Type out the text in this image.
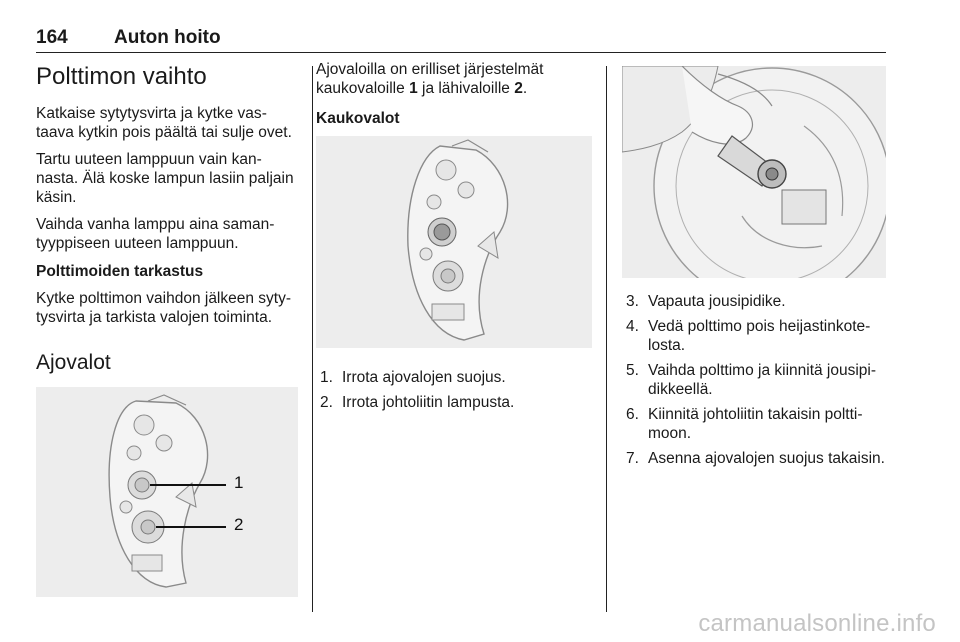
164 Auton hoito
Polttimon vaihto

Katkaise sytytysvirta ja kytke vastaava kytkin pois päältä tai sulje ovet.

Tartu uuteen lamppuun vain kannasta. Älä koske lampun lasiin paljain käsin.

Vaihda vanha lamppu aina samantyyppiseen uuteen lamppuun.

Polttimoiden tarkastus

Kytke polttimon vaihdon jälkeen sytytysvirta ja tarkista valojen toiminta.

Ajovalot
1
2

Ajovaloilla on erilliset järjestelmät kaukovaloille 1 ja lähivaloille 2.

Kaukovalot
1. Irrota ajovalojen suojus.
2. Irrota johtoliitin lampusta.
3. Vapauta jousipidike.
4. Vedä polttimo pois heijastinkotelosta.
5. Vaihda polttimo ja kiinnitä jousipidikkeellä.
6. Kiinnitä johtoliitin takaisin polttimoon.
7. Asenna ajovalojen suojus takaisin.
carmanualsonline.info
